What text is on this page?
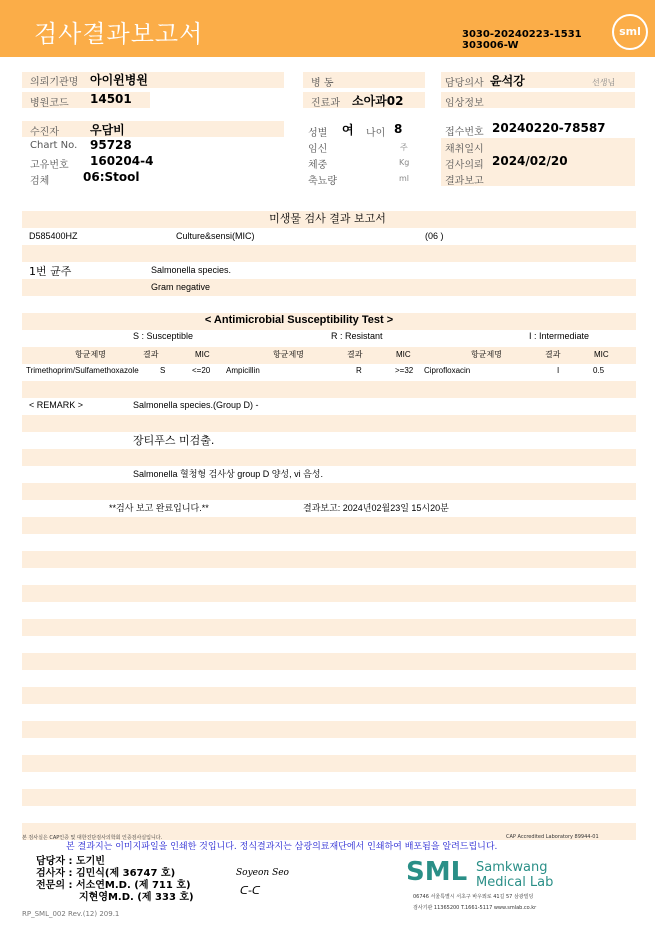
검사결과보고서	sml
3030-20240223-1531
303006-W
의뢰기관명 아이윈병원
병원코드 14501
병 동
진료과 소아과02
담당의사 윤석강	선생님
임상정보
수진자	우담비
Chart No. 95728
고유번호 160204-4
검체	06:Stool
성별 여 나이 8
임신	주
체중	Kg
축뇨량	ml
접수번호 20240220-78587
채취일시
검사의뢰 2024/02/20
결과보고
미생물 검사 결과 보고서
D585400HZ	Culture&sensi(MIC)	(06 )
1번 균주	Salmonella species.
Gram negative
< Antimicrobial Susceptibility Test >
S : Susceptible	R : Resistant	I : Intermediate
항균제명	결과	MIC	항균제명	결과	MIC	항균제명	결과	MIC
Trimethoprim/Sulfamethoxazole	S	<=20 Ampicillin	R	>=32 Ciprofloxacin	I	0.5
< REMARK >	Salmonella species.(Group D) -
장티푸스 미검출.
Salmonella 혈청형 검사상 group D 양성, vi 음성.
**검사 보고 완료입니다.**	결과보고: 2024년02월23일 15시20분
본 검사실은 CAP인증 및 대한진단검사의학회 인증검사실입니다.	CAP Accredited Laboratory 89944-01
본 결과지는 이미지파일을 인쇄한 것입니다. 정식결과지는 삼광의료재단에서 인쇄하여 배포됨을 알려드립니다.
담당자 : 도기빈
검사자 : 김민식(제 36747 호)
전문의 : 서소연M.D. (제 711 호)
지현영M.D. (제 333 호)
Soyeon Seo
ᑕ-ᑕ
SML Samkwang
Medical Lab
06746 서울특별시 서초구 바우뫼로 41길 57 삼광빌딩
검사기관 11365200 T.1661-5117 www.smlab.co.kr
RP_SML_002 Rev.(12) 209.1
